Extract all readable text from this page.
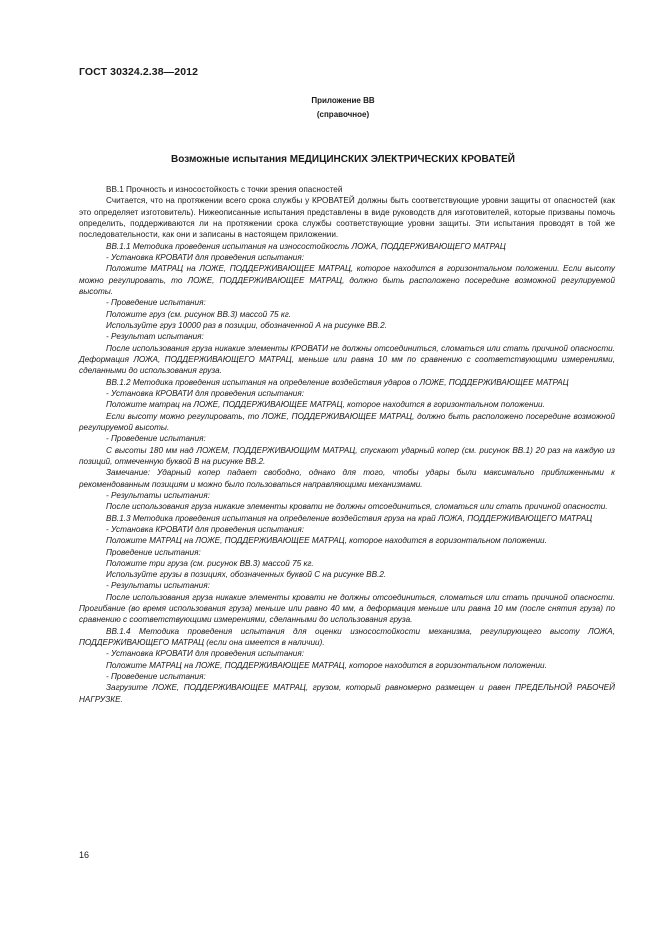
ГОСТ 30324.2.38—2012
Приложение ВВ
(справочное)
Возможные испытания МЕДИЦИНСКИХ ЭЛЕКТРИЧЕСКИХ КРОВАТЕЙ

ВВ.1 Прочность и износостойкость с точки зрения опасностей

Считается, что на протяжении всего срока службы у КРОВАТЕЙ должны быть соответствующие уровни защиты от опасностей (как это определяет изготовитель). Нижеописанные испытания представлены в виде руководств для изготовителей, которые призваны помочь определить, поддерживаются ли на протяжении срока службы соответствующие уровни защиты. Эти испытания проводят в той же последовательности, как они и записаны в настоящем приложении.

ВВ.1.1 Методика проведения испытания на износостойкость ЛОЖА, ПОДДЕРЖИВАЮЩЕГО МАТРАЦ

- Установка КРОВАТИ для проведения испытания:

Положите МАТРАЦ на ЛОЖЕ, ПОДДЕРЖИВАЮЩЕЕ МАТРАЦ, которое находится в горизонтальном положении. Если высоту можно регулировать, то ЛОЖЕ, ПОДДЕРЖИВАЮЩЕЕ МАТРАЦ, должно быть расположено посередине возможной регулируемой высоты.

- Проведение испытания:

Положите груз (см. рисунок ВВ.3) массой 75 кг.

Используйте груз 10000 раз в позиции, обозначенной А на рисунке ВВ.2.

- Результат испытания:

После использования груза никакие элементы КРОВАТИ не должны отсоединиться, сломаться или стать причиной опасности. Деформация ЛОЖА, ПОДДЕРЖИВАЮЩЕГО МАТРАЦ, меньше или равна 10 мм по сравнению с соответствующими измерениями, сделанными до использования груза.

ВВ.1.2 Методика проведения испытания на определение воздействия ударов о ЛОЖЕ, ПОДДЕРЖИВАЮЩЕЕ МАТРАЦ

- Установка КРОВАТИ для проведения испытания:

Положите матрац на ЛОЖЕ, ПОДДЕРЖИВАЮЩЕЕ МАТРАЦ, которое находится в горизонтальном положении.

Если высоту можно регулировать, то ЛОЖЕ, ПОДДЕРЖИВАЮЩЕЕ МАТРАЦ, должно быть расположено посередине возможной регулируемой высоты.

- Проведение испытания:

С высоты 180 мм над ЛОЖЕМ, ПОДДЕРЖИВАЮЩИМ МАТРАЦ, спускают ударный копер (см. рисунок ВВ.1) 20 раз на каждую из позиций, отмеченную буквой В на рисунке ВВ.2.

Замечание: Ударный копер падает свободно, однако для того, чтобы удары были максимально приближенными к рекомендованным позициям и можно было пользоваться направляющими механизмами.

- Результаты испытания:

После использования груза никакие элементы кровати не должны отсоединиться, сломаться или стать причиной опасности.

ВВ.1.3 Методика проведения испытания на определение воздействия груза на край ЛОЖА, ПОДДЕРЖИВАЮЩЕГО МАТРАЦ

- Установка КРОВАТИ для проведения испытания:

Положите МАТРАЦ на ЛОЖЕ, ПОДДЕРЖИВАЮЩЕЕ МАТРАЦ, которое находится в горизонтальном положении.

Проведение испытания:

Положите три груза (см. рисунок ВВ.3) массой 75 кг.

Используйте грузы в позициях, обозначенных буквой С на рисунке ВВ.2.

- Результаты испытания:

После использования груза никакие элементы кровати не должны отсоединиться, сломаться или стать причиной опасности. Прогибание (во время использования груза) меньше или равно 40 мм, а деформация меньше или равна 10 мм (после снятия груза) по сравнению с соответствующими измерениями, сделанными до использования груза.

ВВ.1.4 Методика проведения испытания для оценки износостойкости механизма, регулирующего высоту ЛОЖА, ПОДДЕРЖИВАЮЩЕГО МАТРАЦ (если она имеется в наличии).

- Установка КРОВАТИ для проведения испытания:

Положите МАТРАЦ на ЛОЖЕ, ПОДДЕРЖИВАЮЩЕЕ МАТРАЦ, которое находится в горизонтальном положении.

- Проведение испытания:

Загрузите ЛОЖЕ, ПОДДЕРЖИВАЮЩЕЕ МАТРАЦ, грузом, который равномерно размещен и равен ПРЕДЕЛЬНОЙ РАБОЧЕЙ НАГРУЗКЕ.

16
